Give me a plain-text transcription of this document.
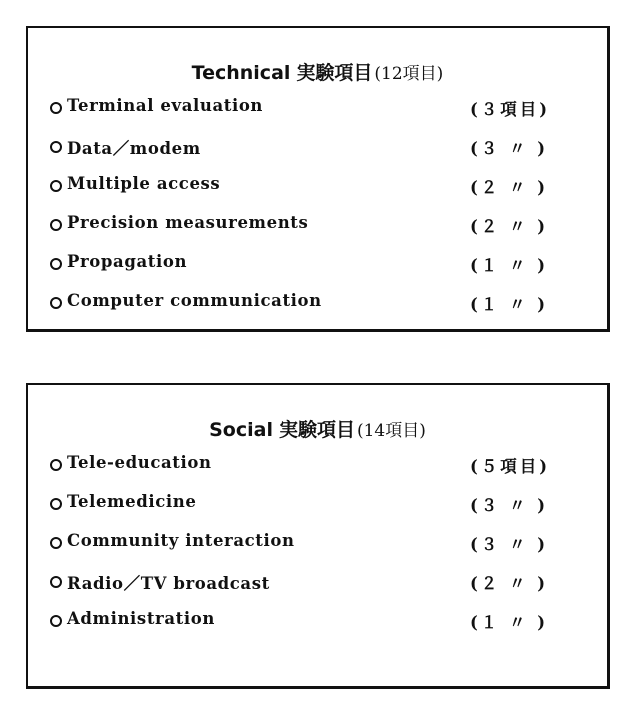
Technical 実験項目 (12項目)
Terminal evaluation	(３項目)
Data／modem	(３ 〃 )
Multiple access	(２ 〃 )
Precision measurements	(２ 〃 )
Propagation	(１ 〃 )
Computer communication	(１ 〃 )
Social 実験項目 (14項目)
Tele-education	(５項目)
Telemedicine	(３ 〃 )
Community interaction	(３ 〃 )
Radio／TV broadcast	(２ 〃 )
Administration	(１ 〃 )
